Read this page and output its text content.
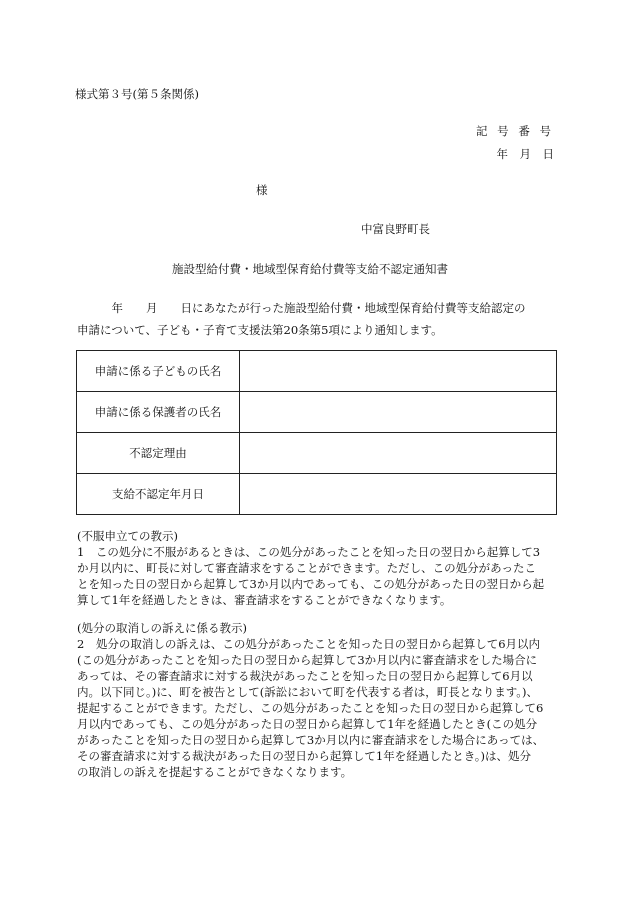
様式第３号(第５条関係)
記 号 番 号
年　月　日
様
中富良野町長
施設型給付費・地域型保育給付費等支給不認定通知書
　　　年　　月　　日にあなたが行った施設型給付費・地域型保育給付費等支給認定の
申請について、子ども・子育て支援法第20条第5項により通知します。
申請に係る子どもの氏名	
申請に係る保護者の氏名	
不認定理由	
支給不認定年月日	

(不服申立ての教示)

1　この処分に不服があるときは、この処分があったことを知った日の翌日から起算して3

か月以内に、町長に対して審査請求をすることができます。ただし、この処分があったこ

とを知った日の翌日から起算して3か月以内であっても、この処分があった日の翌日から起

算して1年を経過したときは、審査請求をすることができなくなります。

(処分の取消しの訴えに係る教示)

2　処分の取消しの訴えは、この処分があったことを知った日の翌日から起算して6月以内

(この処分があったことを知った日の翌日から起算して3か月以内に審査請求をした場合に

あっては、その審査請求に対する裁決があったことを知った日の翌日から起算して6月以

内。以下同じ。)に、町を被告として(訴訟において町を代表する者は，町長となります。)、

提起することができます。ただし、この処分があったことを知った日の翌日から起算して6

月以内であっても、この処分があった日の翌日から起算して1年を経過したとき(この処分

があったことを知った日の翌日から起算して3か月以内に審査請求をした場合にあっては、

その審査請求に対する裁決があった日の翌日から起算して1年を経過したとき。)は、処分

の取消しの訴えを提起することができなくなります。
